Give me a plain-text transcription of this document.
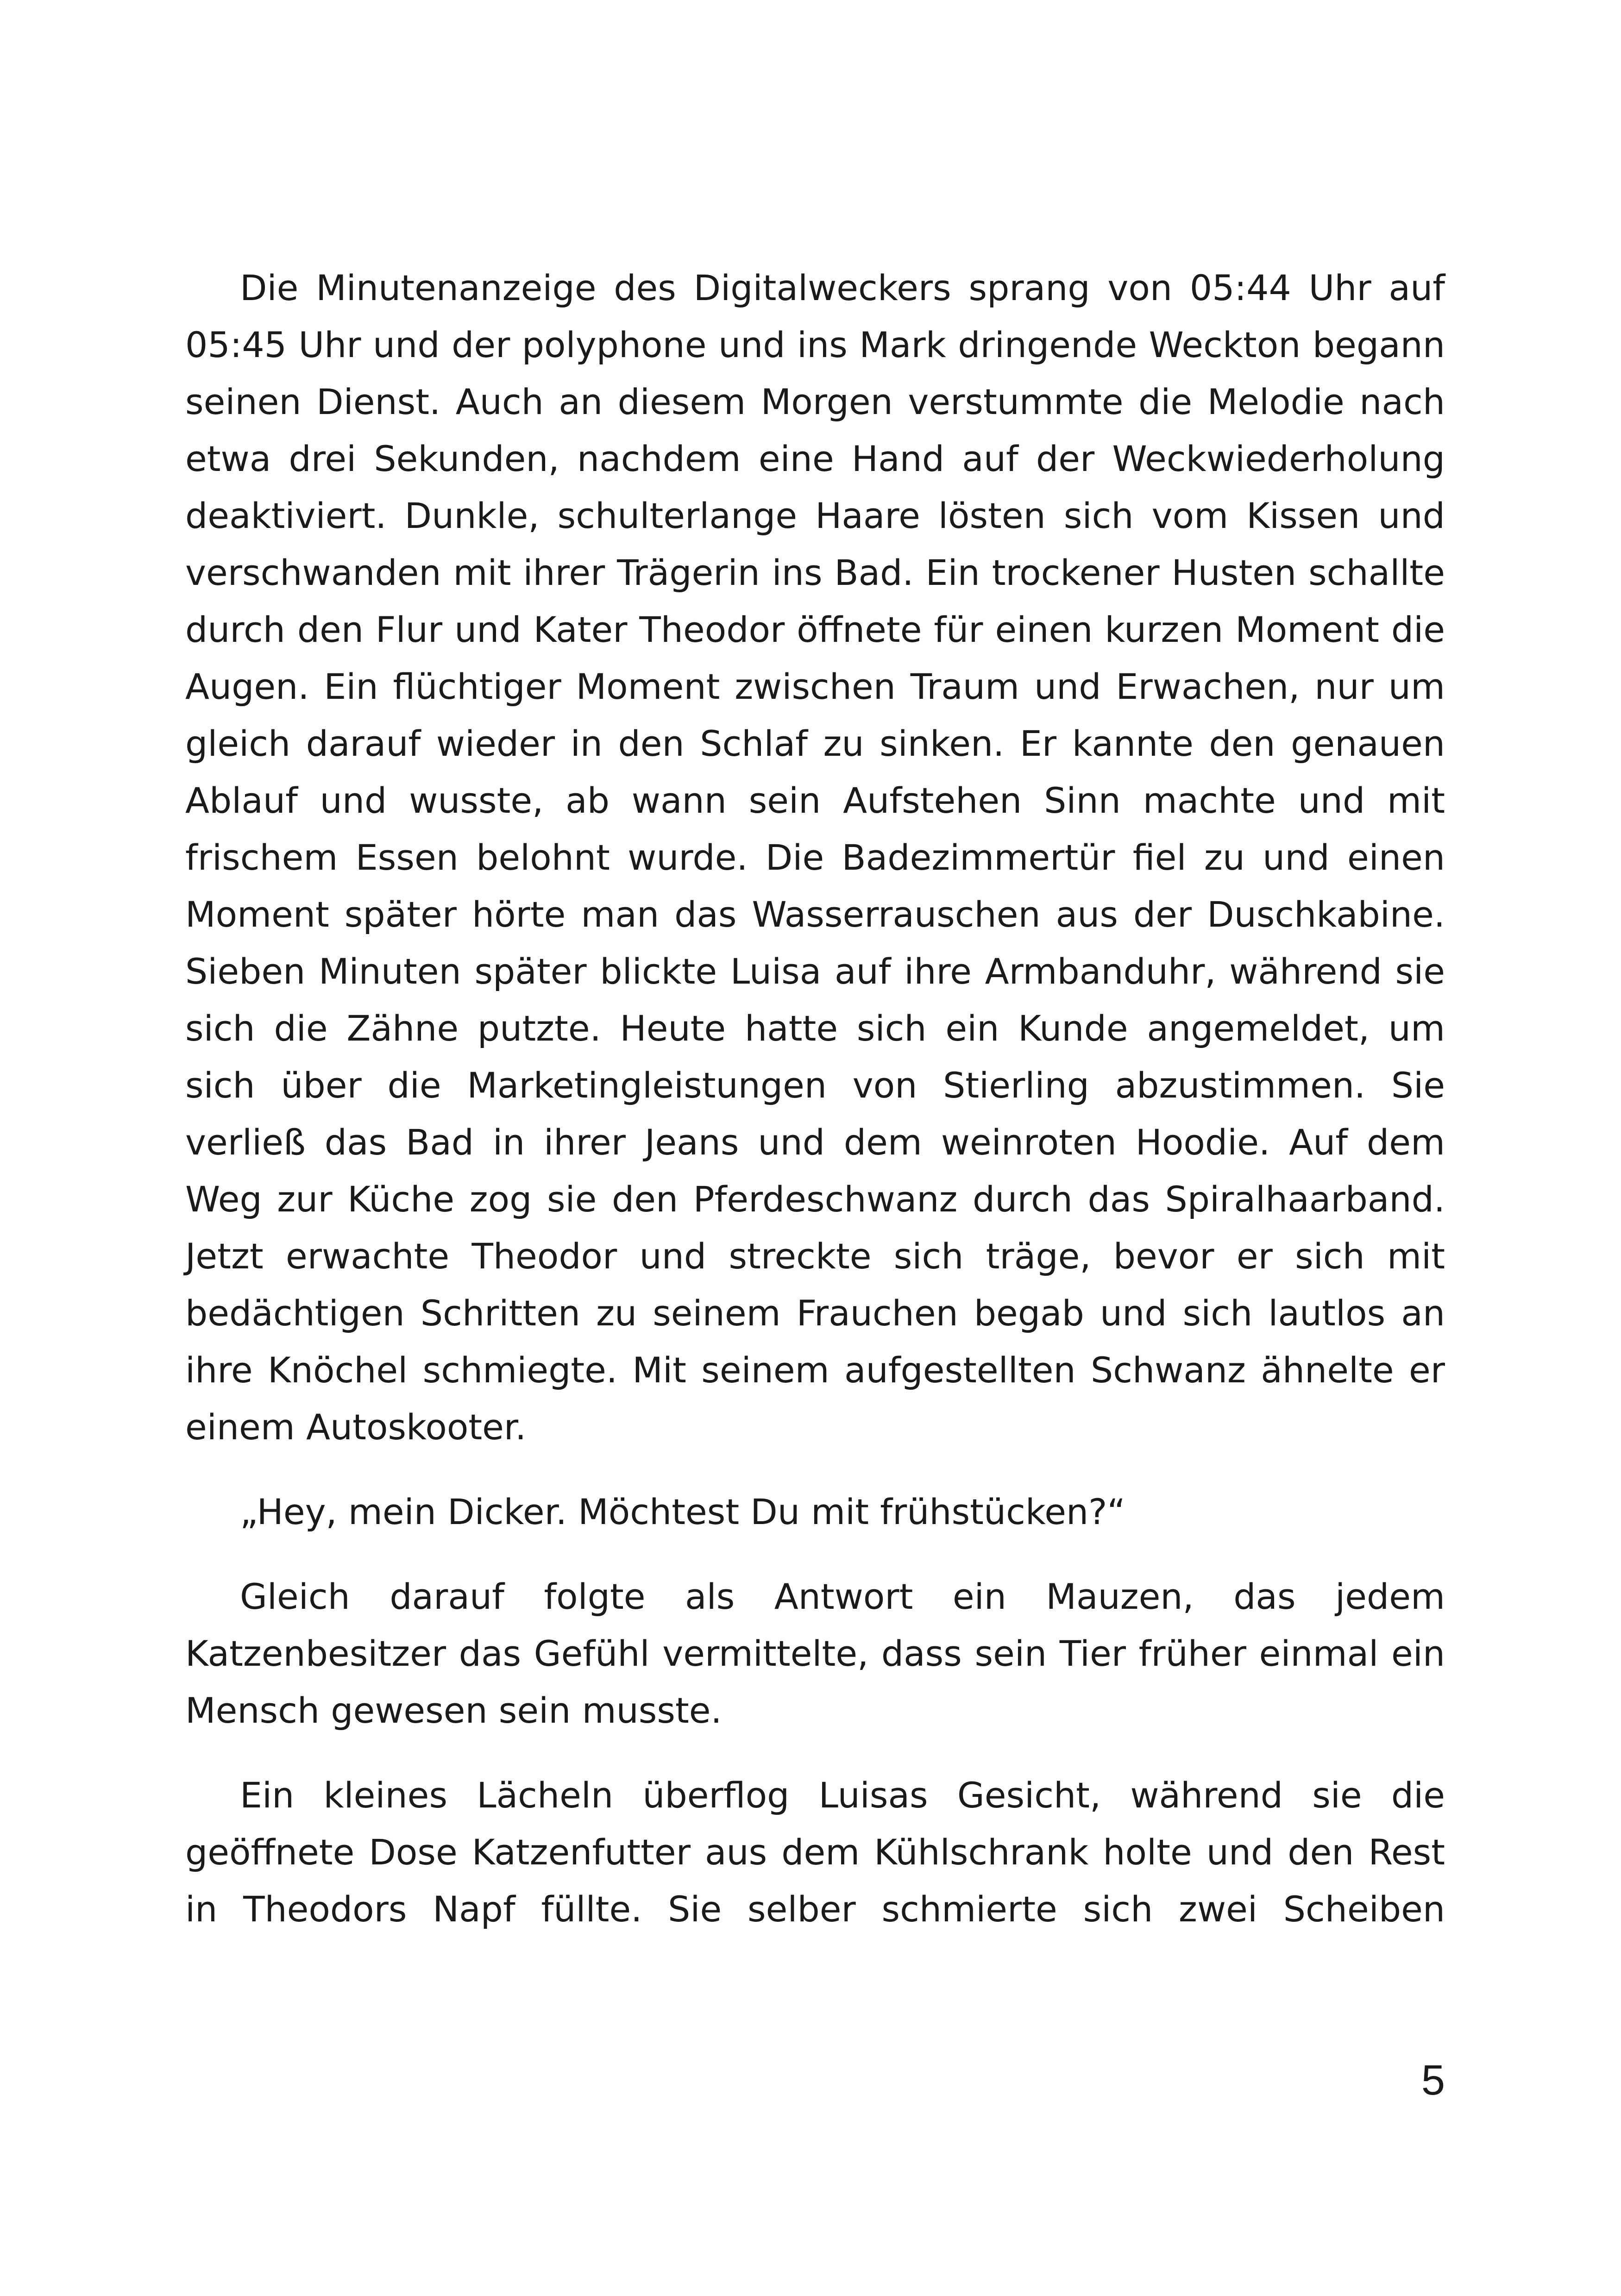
Die Minutenanzeige des Digitalweckers sprang von 05:44 Uhr auf 05:45 Uhr und der polyphone und ins Mark dringende Weckton begann seinen Dienst. Auch an diesem Morgen verstummte die Melodie nach etwa drei Sekunden, nachdem eine Hand auf der Weckwiederholung deaktiviert. Dunkle, schulterlange Haare lösten sich vom Kissen und verschwanden mit ihrer Trägerin ins Bad. Ein trockener Husten schallte durch den Flur und Kater Theodor öffnete für einen kurzen Moment die Augen. Ein flüchtiger Moment zwischen Traum und Erwachen, nur um gleich darauf wieder in den Schlaf zu sinken. Er kannte den genauen Ablauf und wusste, ab wann sein Aufstehen Sinn machte und mit frischem Essen belohnt wurde. Die Badezimmertür fiel zu und einen Moment später hörte man das Wasserrauschen aus der Duschkabine. Sieben Minuten später blickte Luisa auf ihre Armbanduhr, während sie sich die Zähne putzte. Heute hatte sich ein Kunde angemeldet, um sich über die Marketingleistungen von Stierling abzustimmen. Sie verließ das Bad in ihrer Jeans und dem weinroten Hoodie. Auf dem Weg zur Küche zog sie den Pferdeschwanz durch das Spiralhaarband. Jetzt erwachte Theodor und streckte sich träge, bevor er sich mit bedächtigen Schritten zu seinem Frauchen begab und sich lautlos an ihre Knöchel schmiegte. Mit seinem aufgestellten Schwanz ähnelte er einem Autoskooter.

„Hey, mein Dicker. Möchtest Du mit frühstücken?“

Gleich darauf folgte als Antwort ein Mauzen, das jedem Katzenbesitzer das Gefühl vermittelte, dass sein Tier früher einmal ein Mensch gewesen sein musste.

Ein kleines Lächeln überflog Luisas Gesicht, während sie die geöffnete Dose Katzenfutter aus dem Kühlschrank holte und den Rest in Theodors Napf füllte. Sie selber schmierte sich zwei Scheiben

5
